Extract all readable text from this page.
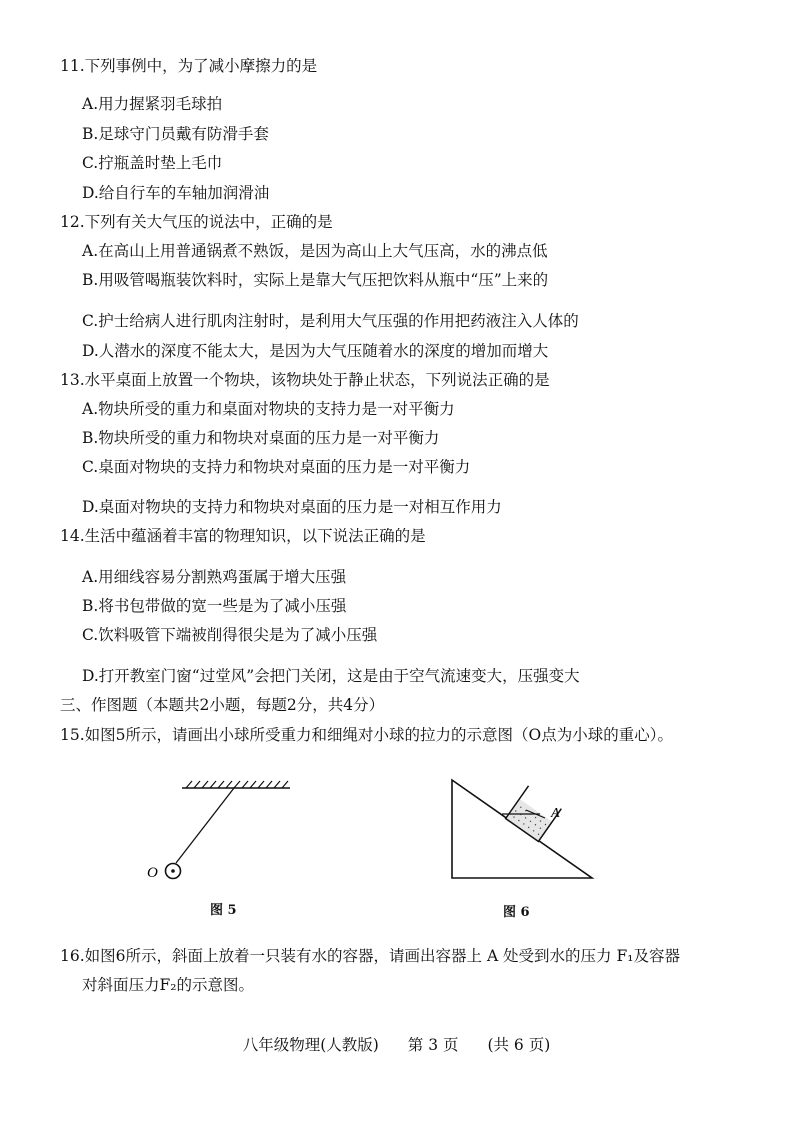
11.下列事例中，为了减小摩擦力的是
A.用力握紧羽毛球拍
B.足球守门员戴有防滑手套
C.拧瓶盖时垫上毛巾
D.给自行车的车轴加润滑油
12.下列有关大气压的说法中，正确的是
A.在高山上用普通锅煮不熟饭，是因为高山上大气压高，水的沸点低
B.用吸管喝瓶装饮料时，实际上是靠大气压把饮料从瓶中“压”上来的
C.护士给病人进行肌肉注射时，是利用大气压强的作用把药液注入人体的
D.人潜水的深度不能太大，是因为大气压随着水的深度的增加而增大
13.水平桌面上放置一个物块，该物块处于静止状态，下列说法正确的是
A.物块所受的重力和桌面对物块的支持力是一对平衡力
B.物块所受的重力和物块对桌面的压力是一对平衡力
C.桌面对物块的支持力和物块对桌面的压力是一对平衡力
D.桌面对物块的支持力和物块对桌面的压力是一对相互作用力
14.生活中蕴涵着丰富的物理知识，以下说法正确的是
A.用细线容易分割熟鸡蛋属于增大压强
B.将书包带做的宽一些是为了减小压强
C.饮料吸管下端被削得很尖是为了减小压强
D.打开教室门窗“过堂风”会把门关闭，这是由于空气流速变大，压强变大
三、作图题（本题共2小题，每题2分，共4分）
15.如图5所示，请画出小球所受重力和细绳对小球的拉力的示意图（O点为小球的重心）。
O
图 5
A
图 6
16.如图6所示，斜面上放着一只装有水的容器，请画出容器上 A 处受到水的压力 F₁及容器
对斜面压力F₂的示意图。
八年级物理(人教版) 第 3 页 (共 6 页)
